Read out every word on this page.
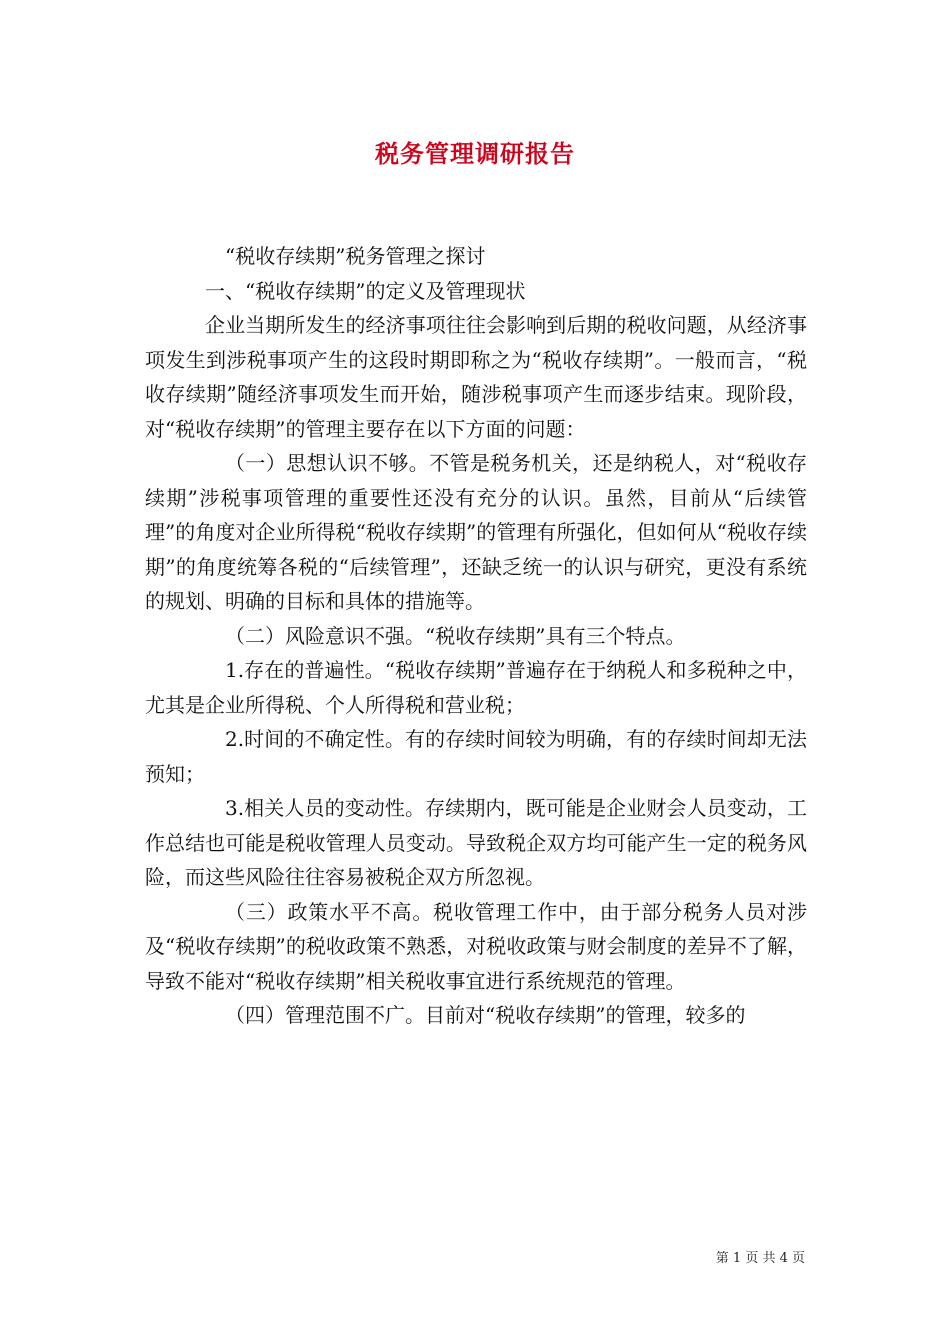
税务管理调研报告

“税收存续期”税务管理之探讨

一、“税收存续期”的定义及管理现状

企业当期所发生的经济事项往往会影响到后期的税收问题，从经济事项发生到涉税事项产生的这段时期即称之为“税收存续期”。一般而言，“税收存续期”随经济事项发生而开始，随涉税事项产生而逐步结束。现阶段，对“税收存续期”的管理主要存在以下方面的问题：

（一）思想认识不够。不管是税务机关，还是纳税人，对“税收存续期”涉税事项管理的重要性还没有充分的认识。虽然，目前从“后续管理”的角度对企业所得税“税收存续期”的管理有所强化，但如何从“税收存续期”的角度统筹各税的“后续管理”，还缺乏统一的认识与研究，更没有系统的规划、明确的目标和具体的措施等。

（二）风险意识不强。“税收存续期”具有三个特点。

1.存在的普遍性。“税收存续期”普遍存在于纳税人和多税种之中，尤其是企业所得税、个人所得税和营业税；

2.时间的不确定性。有的存续时间较为明确，有的存续时间却无法预知；

3.相关人员的变动性。存续期内，既可能是企业财会人员变动，工作总结也可能是税收管理人员变动。导致税企双方均可能产生一定的税务风险，而这些风险往往容易被税企双方所忽视。

（三）政策水平不高。税收管理工作中，由于部分税务人员对涉及“税收存续期”的税收政策不熟悉，对税收政策与财会制度的差异不了解，导致不能对“税收存续期”相关税收事宜进行系统规范的管理。

（四）管理范围不广。目前对“税收存续期”的管理，较多的

第 1 页 共 4 页
